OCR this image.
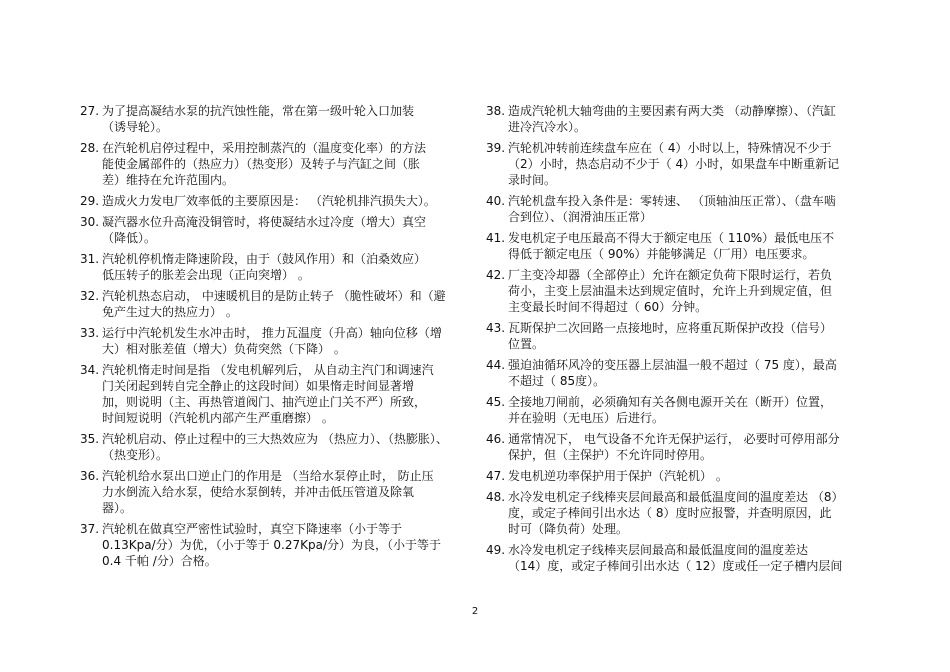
27. 为了提高凝结水泵的抗汽蚀性能，常在第一级叶轮入口加装
（诱导轮）。
28. 在汽轮机启停过程中，采用控制蒸汽的（温度变化率）的方法
能使金属部件的（热应力）（热变形）及转子与汽缸之间（胀
差）维持在允许范围内。
29. 造成火力发电厂效率低的主要原因是： （汽轮机排汽损失大）。
30. 凝汽器水位升高淹没铜管时，将使凝结水过冷度（增大）真空
（降低）。
31. 汽轮机停机惰走降速阶段，由于（鼓风作用）和（泊桑效应）
低压转子的胀差会出现（正向突增） 。
32. 汽轮机热态启动， 中速暖机目的是防止转子 （脆性破坏）和（避
免产生过大的热应力） 。
33. 运行中汽轮机发生水冲击时， 推力瓦温度（升高）轴向位移（增
大）相对胀差值（增大）负荷突然（下降） 。
34. 汽轮机惰走时间是指 （发电机解列后， 从自动主汽门和调速汽
门关闭起到转自完全静止的这段时间）如果惰走时间显著增
加，则说明（主、再热管道阀门、抽汽逆止门关不严）所致，
时间短说明（汽轮机内部产生严重磨擦） 。
35. 汽轮机启动、停止过程中的三大热效应为 （热应力）、（热膨胀）、
（热变形）。
36. 汽轮机给水泵出口逆止门的作用是 （当给水泵停止时， 防止压
力水倒流入给水泵，使给水泵倒转，并冲击低压管道及除氧
器）。
37. 汽轮机在做真空严密性试验时，真空下降速率（小于等于
0.13Kpa/分）为优，（小于等于 0.27Kpa/分）为良，（小于等于
0.4 千帕 /分）合格。
38. 造成汽轮机大轴弯曲的主要因素有两大类 （动静摩擦）、（汽缸
进冷汽冷水）。
39. 汽轮机冲转前连续盘车应在（ 4）小时以上，特殊情况不少于
（2）小时，热态启动不少于（ 4）小时，如果盘车中断重新记
录时间。
40. 汽轮机盘车投入条件是：零转速、 （顶轴油压正常）、（盘车啮
合到位）、（润滑油压正常）
41. 发电机定子电压最高不得大于额定电压（ 110%）最低电压不
得低于额定电压（ 90%）并能够满足（厂用）电压要求。
42. 厂主变冷却器（全部停止）允许在额定负荷下限时运行，若负
荷小，主变上层油温未达到规定值时，允许上升到规定值，但
主变最长时间不得超过（ 60）分钟。
43. 瓦斯保护二次回路一点接地时，应将重瓦斯保护改投（信号）
位置。
44. 强迫油循环风冷的变压器上层油温一般不超过（ 75 度），最高
不超过（ 85度）。
45. 全接地刀闸前，必须确知有关各侧电源开关在（断开）位置，
并在验明（无电压）后进行。
46. 通常情况下， 电气设备不允许无保护运行， 必要时可停用部分
保护，但（主保护）不允许同时停用。
47. 发电机逆功率保护用于保护（汽轮机） 。
48. 水冷发电机定子线棒夹层间最高和最低温度间的温度差达 （8）
度，或定子棒间引出水达（ 8）度时应报警，并查明原因，此
时可（降负荷）处理。
49. 水冷发电机定子线棒夹层间最高和最低温度间的温度差达
（14）度，或定子棒间引出水达（ 12）度或任一定子槽内层间
2
